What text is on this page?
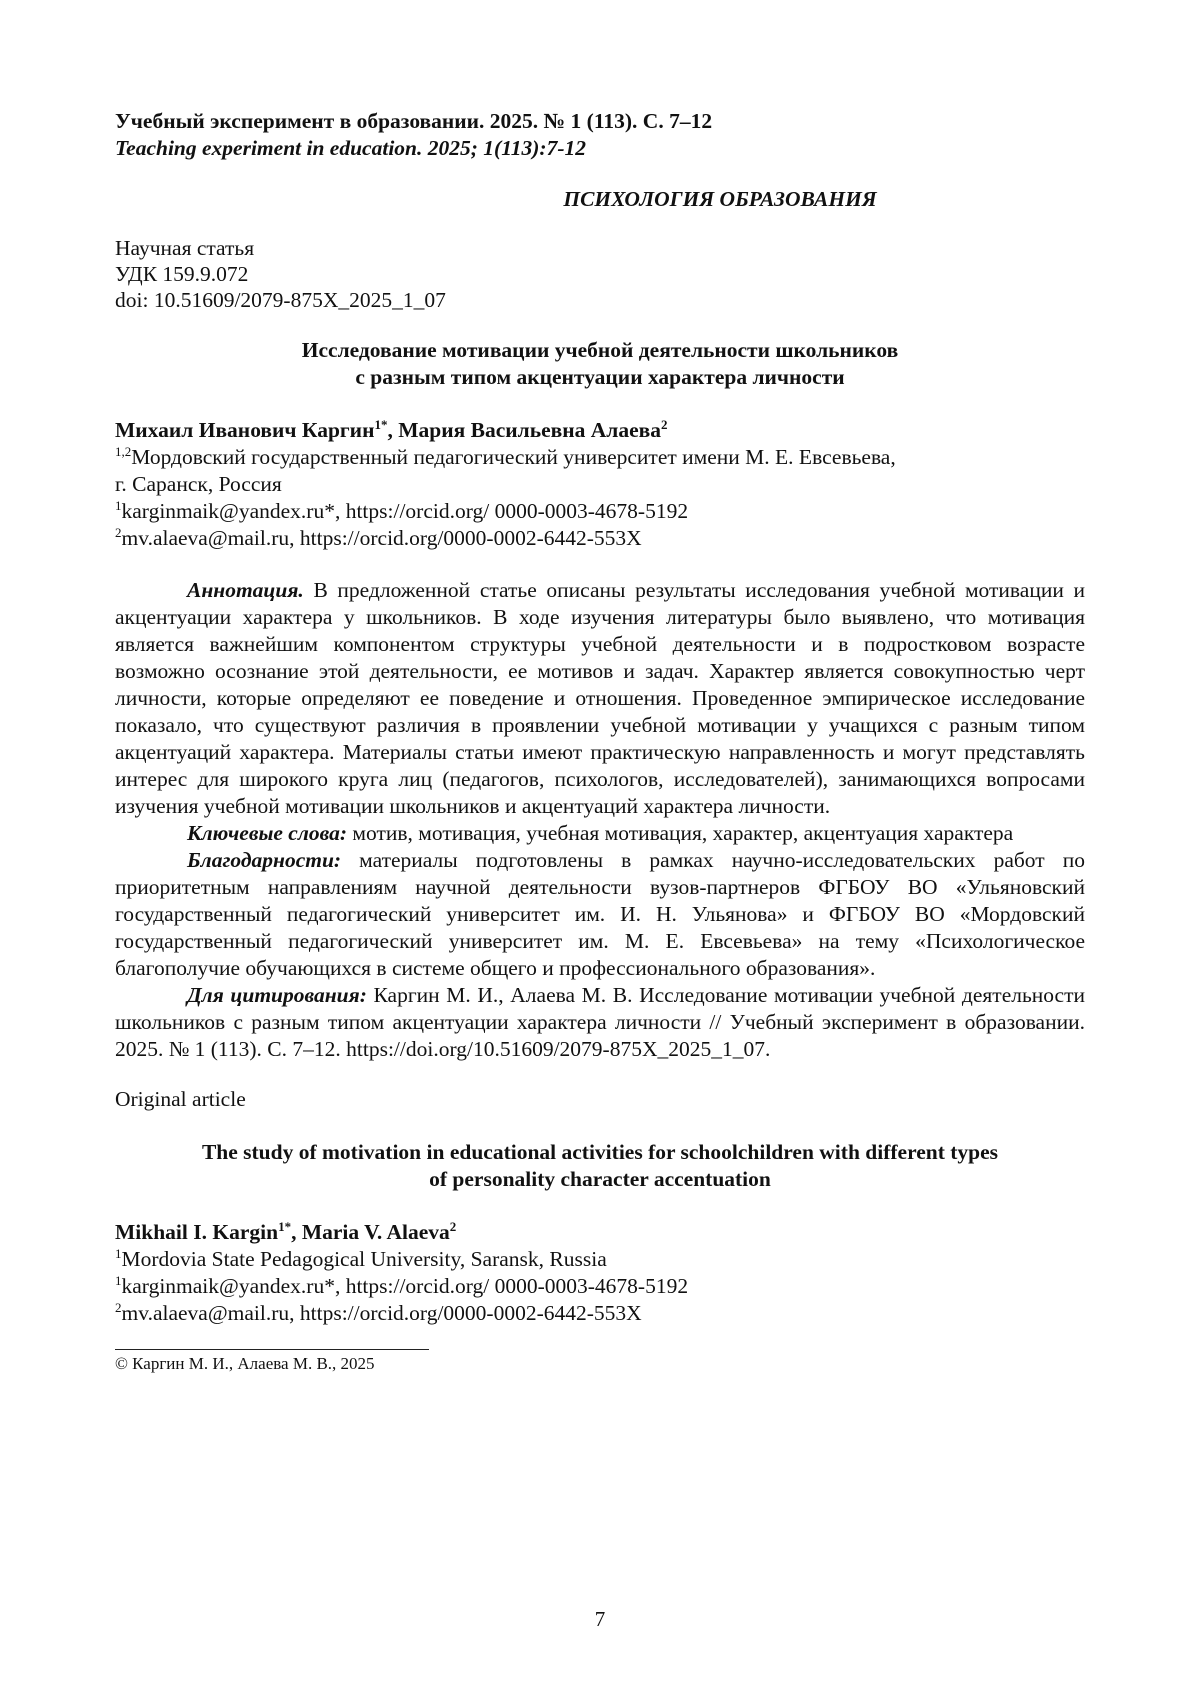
Учебный эксперимент в образовании. 2025. № 1 (113). С. 7–12
Teaching experiment in education. 2025; 1(113):7-12
ПСИХОЛОГИЯ ОБРАЗОВАНИЯ
Научная статья
УДК 159.9.072
doi: 10.51609/2079-875X_2025_1_07
Исследование мотивации учебной деятельности школьников
с разным типом акцентуации характера личности
Михаил Иванович Каргин$^{1*}$, Мария Васильевна Алаева$^2$
$^{1,2}$Мордовский государственный педагогический университет имени М. Е. Евсевьева,
г. Саранск, Россия
$^1$karginmaik@yandex.ru*, https://orcid.org/ 0000-0003-4678-5192
$^2$mv.alaeva@mail.ru, https://orcid.org/0000-0002-6442-553X

Аннотация. В предложенной статье описаны результаты исследования учебной мотивации и акцентуации характера у школьников. В ходе изучения литературы было выявлено, что мотивация является важнейшим компонентом структуры учебной деятельности и в подростковом возрасте возможно осознание этой деятельности, ее мотивов и задач. Характер является совокупностью черт личности, которые определяют ее поведение и отношения. Проведенное эмпирическое исследование показало, что существуют различия в проявлении учебной мотивации у учащихся с разным типом акцентуаций характера. Материалы статьи имеют практическую направленность и могут представлять интерес для широкого круга лиц (педагогов, психологов, исследователей), занимающихся вопросами изучения учебной мотивации школьников и акцентуаций характера личности.

Ключевые слова: мотив, мотивация, учебная мотивация, характер, акцентуация характера

Благодарности: материалы подготовлены в рамках научно-исследовательских работ по приоритетным направлениям научной деятельности вузов-партнеров ФГБОУ ВО «Ульяновский государственный педагогический университет им. И. Н. Ульянова» и ФГБОУ ВО «Мордовский государственный педагогический университет им. М. Е. Евсевьева» на тему «Психологическое благополучие обучающихся в системе общего и профессионального образования».

Для цитирования: Каргин М. И., Алаева М. В. Исследование мотивации учебной деятельности школьников с разным типом акцентуации характера личности // Учебный эксперимент в образовании. 2025. № 1 (113). С. 7–12. https://doi.org/10.51609/2079-875X_2025_1_07.

Original article
The study of motivation in educational activities for schoolchildren with different types
of personality character accentuation
Mikhail I. Kargin$^{1*}$, Maria V. Alaeva$^2$
$^1$Mordovia State Pedagogical University, Saransk, Russia
$^1$karginmaik@yandex.ru*, https://orcid.org/ 0000-0003-4678-5192
$^2$mv.alaeva@mail.ru, https://orcid.org/0000-0002-6442-553X
© Каргин М. И., Алаева М. В., 2025
7
